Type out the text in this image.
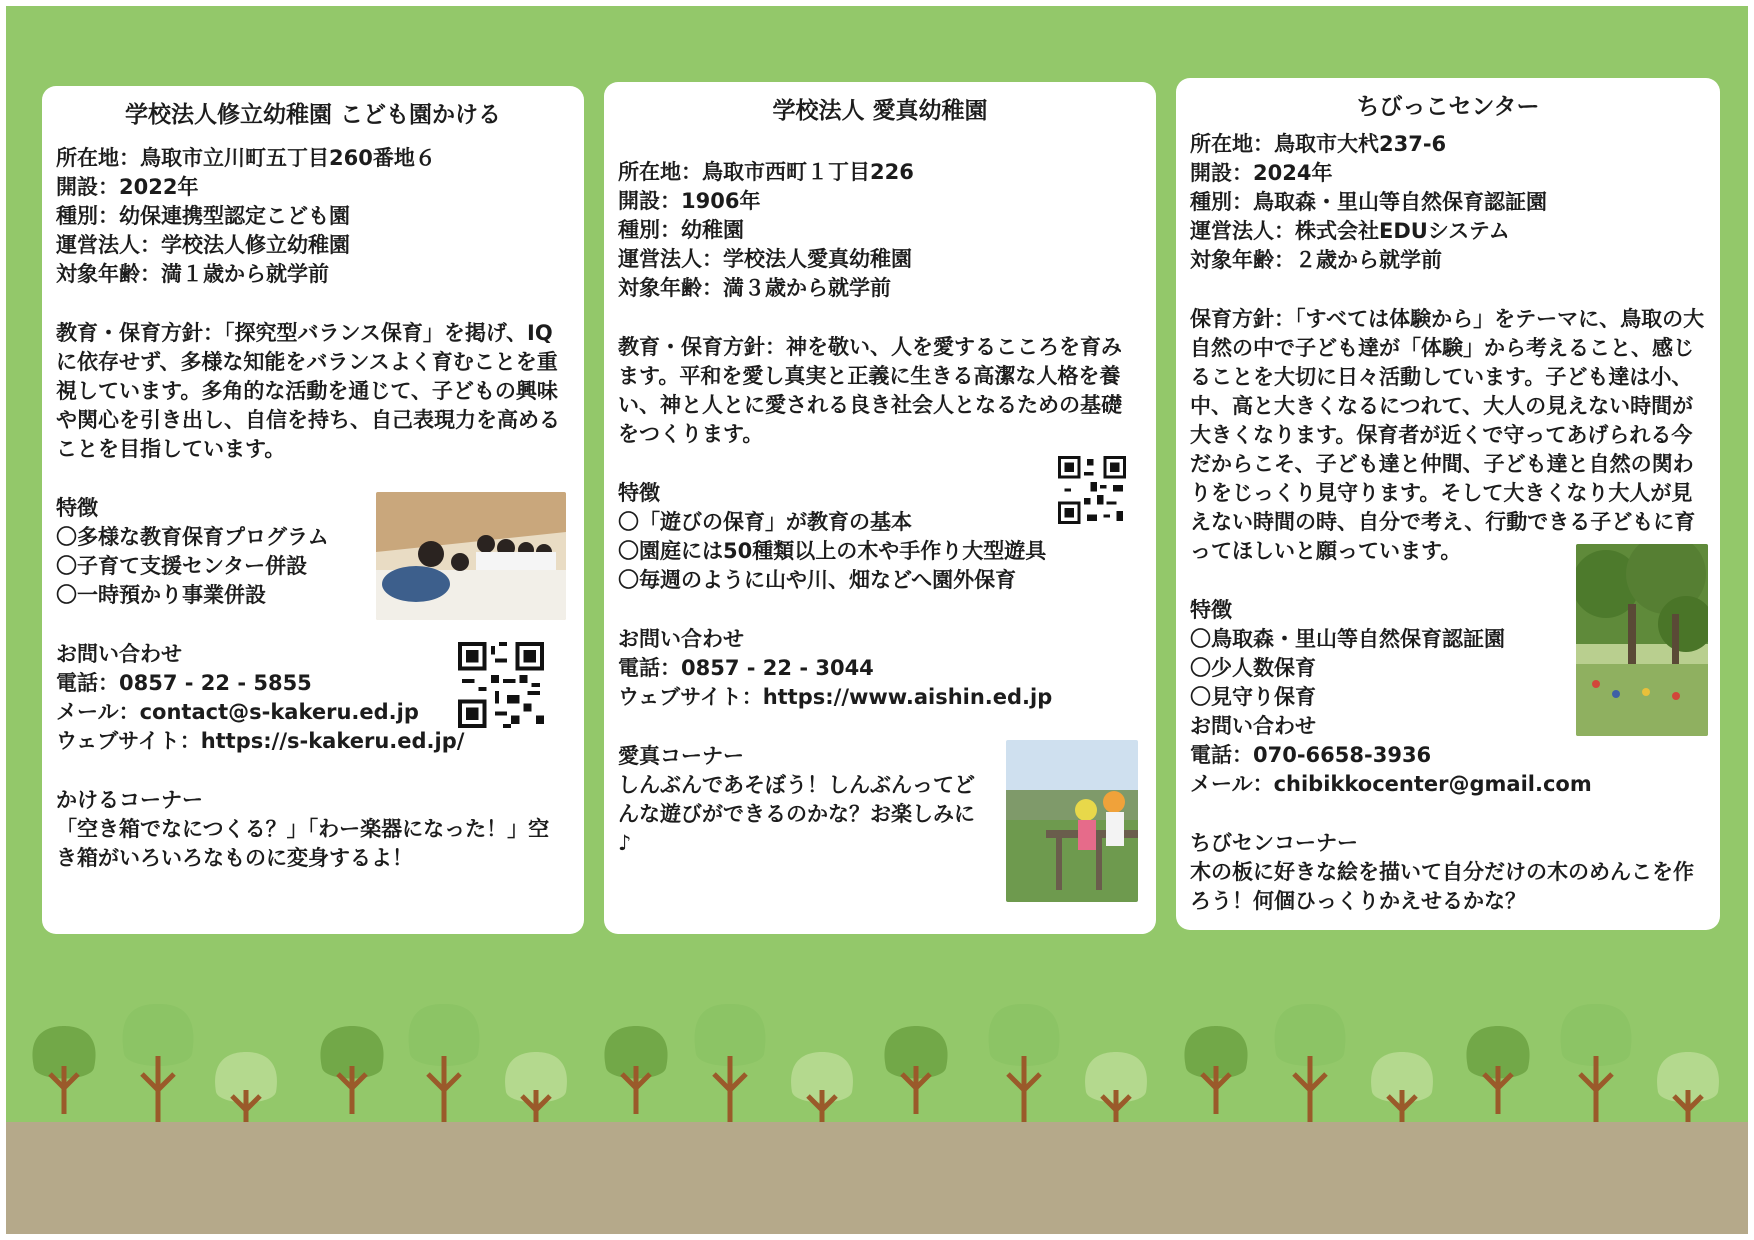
学校法人修立幼稚園 こども園かける
所在地：鳥取市立川町五丁目260番地６
開設：2022年
種別：幼保連携型認定こども園
運営法人：学校法人修立幼稚園
対象年齢：満１歳から就学前

教育・保育方針：「探究型バランス保育」を掲げ、IQに依存せず、多様な知能をバランスよく育むことを重視しています。多角的な活動を通じて、子どもの興味や関心を引き出し、自信を持ち、自己表現力を高めることを目指しています。

特徴
〇多様な教育保育プログラム
〇子育て支援センター併設
〇一時預かり事業併設
お問い合わせ
電話：0857 - 22 - 5855
メール：contact@s-kakeru.ed.jp
ウェブサイト：https://s-kakeru.ed.jp/
かけるコーナー

「空き箱でなにつくる？」「わー楽器になった！」空き箱がいろいろなものに変身するよ！

学校法人 愛真幼稚園
所在地：鳥取市西町１丁目226
開設：1906年
種別：幼稚園
運営法人：学校法人愛真幼稚園
対象年齢：満３歳から就学前

教育・保育方針：神を敬い、人を愛するこころを育みます。平和を愛し真実と正義に生きる高潔な人格を養い、神と人とに愛される良き社会人となるための基礎をつくります。

特徴
〇「遊びの保育」が教育の基本
〇園庭には50種類以上の木や手作り大型遊具
〇毎週のように山や川、畑などへ園外保育
お問い合わせ
電話：0857 - 22 - 3044
ウェブサイト：https://www.aishin.ed.jp
愛真コーナー

しんぶんであそぼう！しんぶんってどんな遊びができるのかな？お楽しみに♪

ちびっこセンター
所在地：鳥取市大杙237-6
開設：2024年
種別：鳥取森・里山等自然保育認証園
運営法人：株式会社EDUシステム
対象年齢：２歳から就学前

保育方針：「すべては体験から」をテーマに、鳥取の大自然の中で子ども達が「体験」から考えること、感じることを大切に日々活動しています。子ども達は小、中、高と大きくなるにつれて、大人の見えない時間が大きくなります。保育者が近くで守ってあげられる今だからこそ、子ども達と仲間、子ども達と自然の関わりをじっくり見守ります。そして大きくなり大人が見えない時間の時、自分で考え、行動できる子どもに育ってほしいと願っています。

特徴
〇鳥取森・里山等自然保育認証園
〇少人数保育
〇見守り保育
お問い合わせ
電話：070-6658-3936
メール：chibikkocenter@gmail.com
ちびセンコーナー

木の板に好きな絵を描いて自分だけの木のめんこを作ろう！何個ひっくりかえせるかな？
